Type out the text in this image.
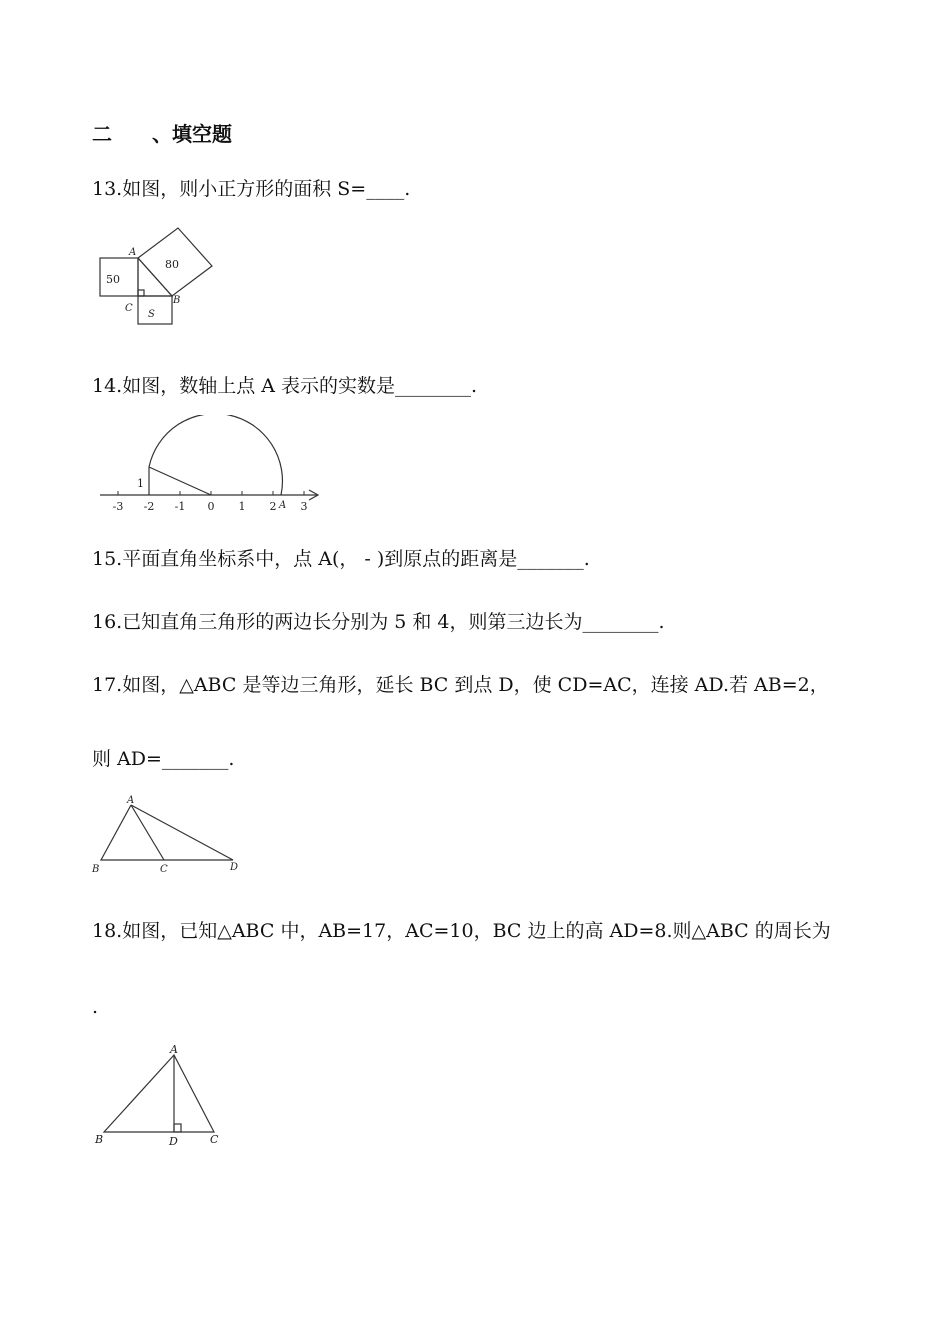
二　　、填空题
13.如图，则小正方形的面积 S=____.
50
80
A
B
C
S
14.如图，数轴上点 A 表示的实数是________.
-3 -2 -1 0 1 2 3
1
A
15.平面直角坐标系中，点 A(， - )到原点的距离是_______.
16.已知直角三角形的两边长分别为 5 和 4，则第三边长为________.
17.如图，△ABC 是等边三角形，延长 BC 到点 D，使 CD=AC，连接 AD.若 AB=2，
则 AD=_______.
A
B	C	D
18.如图，已知△ABC 中，AB=17，AC=10，BC 边上的高 AD=8.则△ABC 的周长为
.
A
B	C
D
